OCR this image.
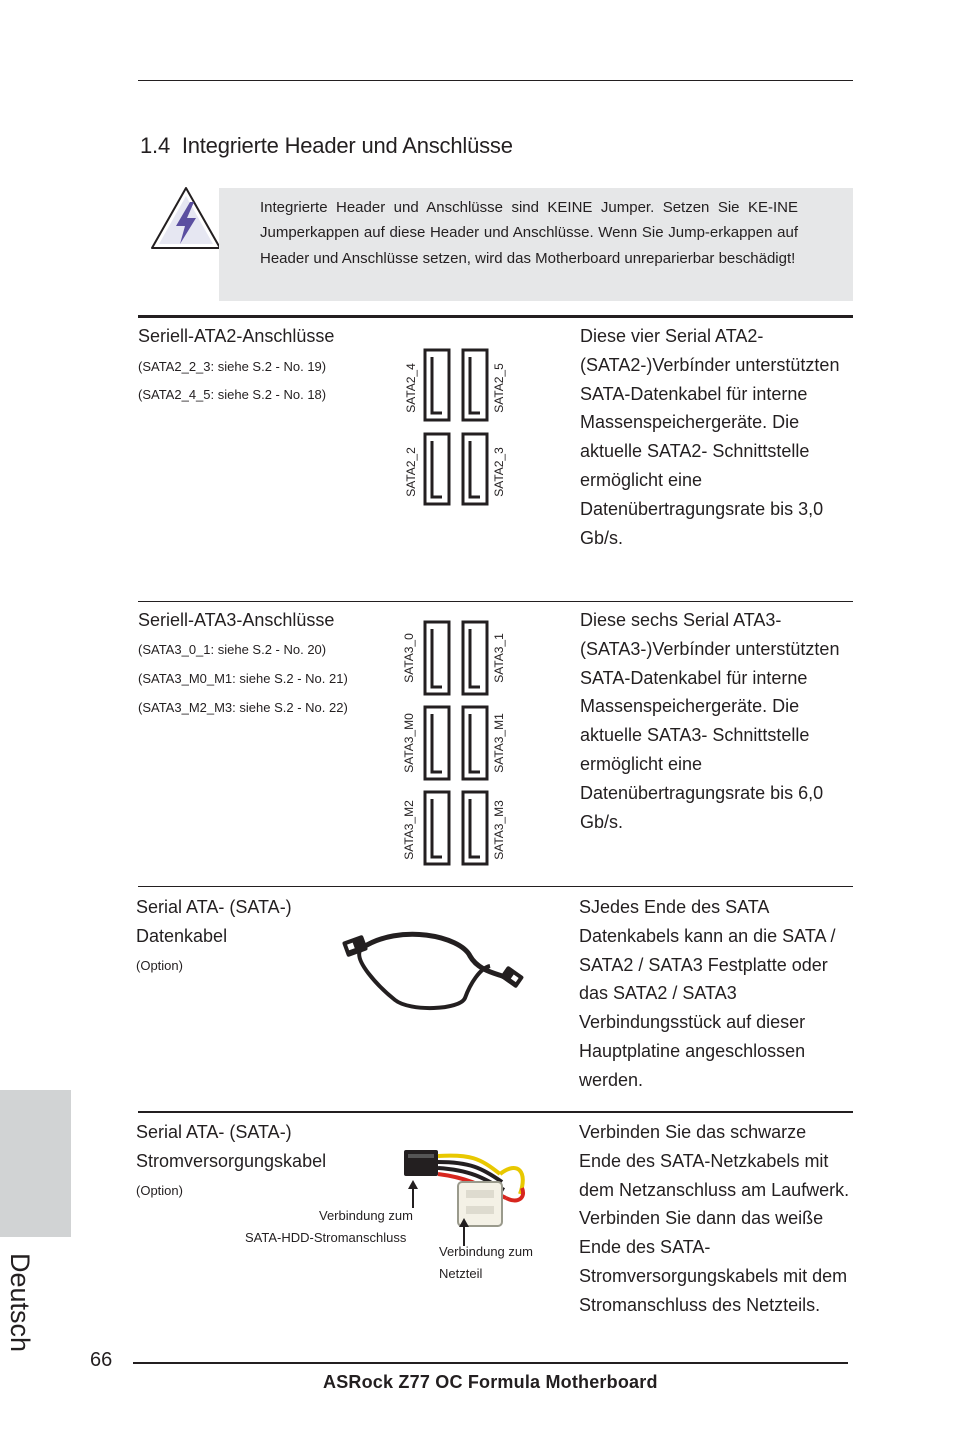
1.4 Integrierte Header und Anschlüsse
Integrierte Header und Anschlüsse sind KEINE Jumper. Setzen Sie KE-INE Jumperkappen auf diese Header und Anschlüsse. Wenn Sie Jump-erkappen auf Header und Anschlüsse setzen, wird das Motherboard unreparierbar beschädigt!
Seriell-ATA2-Anschlüsse
(SATA2_2_3: siehe S.2 - No. 19)
(SATA2_4_5: siehe S.2 - No. 18)	SATA2_4
SATA2_2
SATA2_5
SATA2_3
Diese vier Serial ATA2-(SATA2-)Verbínder unterstützten SATA-Datenkabel für interne Massenspeichergeräte. Die aktuelle SATA2- Schnittstelle ermöglicht eine Datenübertragungsrate bis 3,0 Gb/s.
Seriell-ATA3-Anschlüsse
(SATA3_0_1: siehe S.2 - No. 20)
(SATA3_M0_M1: siehe S.2 - No. 21)
(SATA3_M2_M3: siehe S.2 - No. 22)
SATA3_0
SATA3_M0
SATA3_M2
SATA3_1
SATA3_M1
SATA3_M3
Diese sechs Serial ATA3-(SATA3-)Verbínder unterstützten SATA-Datenkabel für interne Massenspeichergeräte. Die aktuelle SATA3- Schnittstelle ermöglicht eine Datenübertragungsrate bis 6,0 Gb/s.
Serial ATA- (SATA-)
Datenkabel
(Option)
SJedes Ende des SATA Datenkabels kann an die SATA / SATA2 / SATA3 Festplatte oder das SATA2 / SATA3 Verbindungsstück auf dieser Hauptplatine angeschlossen werden.
Serial ATA- (SATA-)
Stromversorgungskabel
(Option)
Verbindung zum
SATA-HDD-Stromanschluss
Verbindung zum
Netzteil
Verbinden Sie das schwarze Ende des SATA-Netzkabels mit dem Netzanschluss am Laufwerk. Verbinden Sie dann das weiße Ende des SATA-Stromversorgungskabels mit dem Stromanschluss des Netzteils.
Deutsch
66
ASRock Z77 OC Formula Motherboard
